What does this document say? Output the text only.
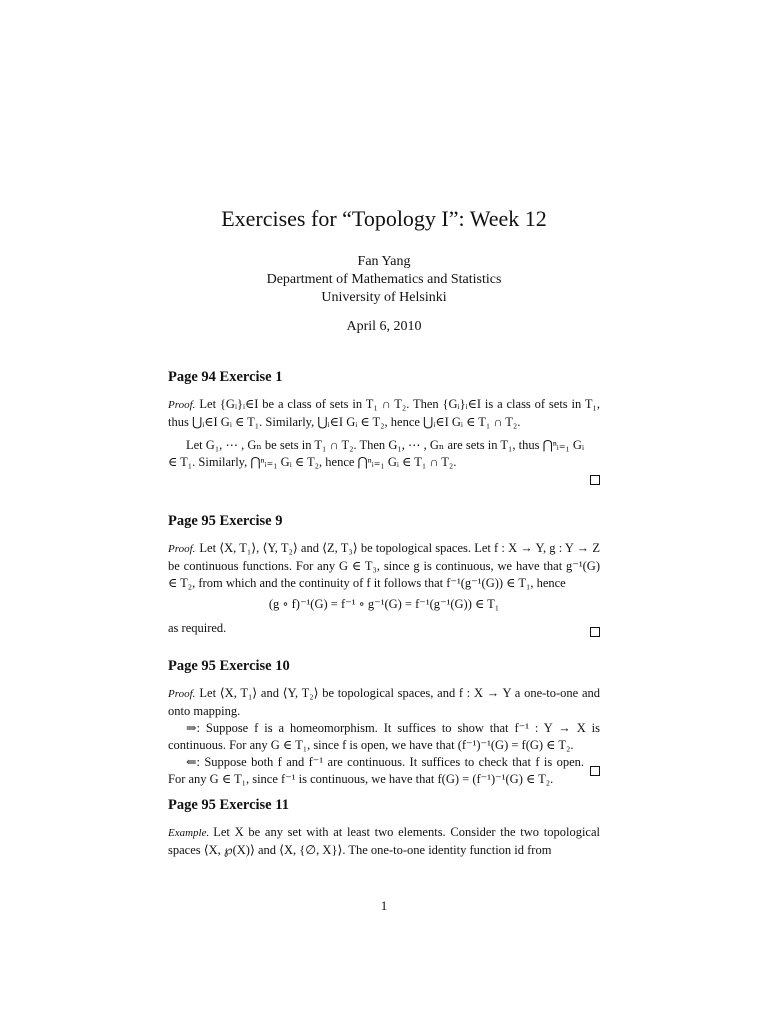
Exercises for “Topology I”: Week 12
Fan Yang
Department of Mathematics and Statistics
University of Helsinki
April 6, 2010
Page 94 Exercise 1

Proof. Let {Gᵢ}ᵢ∈I be a class of sets in T₁ ∩ T₂. Then {Gᵢ}ᵢ∈I is a class of sets in T₁, thus ⋃ᵢ∈I Gᵢ ∈ T₁. Similarly, ⋃ᵢ∈I Gᵢ ∈ T₂, hence ⋃ᵢ∈I Gᵢ ∈ T₁ ∩ T₂.

Let G₁, ⋯ , Gₙ be sets in T₁ ∩ T₂. Then G₁, ⋯ , Gₙ are sets in T₁, thus ⋂ⁿᵢ₌₁ Gᵢ ∈ T₁. Similarly, ⋂ⁿᵢ₌₁ Gᵢ ∈ T₂, hence ⋂ⁿᵢ₌₁ Gᵢ ∈ T₁ ∩ T₂.

Page 95 Exercise 9

Proof. Let ⟨X, T₁⟩, ⟨Y, T₂⟩ and ⟨Z, T₃⟩ be topological spaces. Let f : X → Y, g : Y → Z be continuous functions. For any G ∈ T₃, since g is continuous, we have that g⁻¹(G) ∈ T₂, from which and the continuity of f it follows that f⁻¹(g⁻¹(G)) ∈ T₁, hence

(g ∘ f)⁻¹(G) = f⁻¹ ∘ g⁻¹(G) = f⁻¹(g⁻¹(G)) ∈ T₁

as required.

Page 95 Exercise 10

Proof. Let ⟨X, T₁⟩ and ⟨Y, T₂⟩ be topological spaces, and f : X → Y a one-to-one and onto mapping.

⇒: Suppose f is a homeomorphism. It suffices to show that f⁻¹ : Y → X is continuous. For any G ∈ T₁, since f is open, we have that (f⁻¹)⁻¹(G) = f(G) ∈ T₂.

⇐: Suppose both f and f⁻¹ are continuous. It suffices to check that f is open. For any G ∈ T₁, since f⁻¹ is continuous, we have that f(G) = (f⁻¹)⁻¹(G) ∈ T₂.

Page 95 Exercise 11

Example. Let X be any set with at least two elements. Consider the two topological spaces ⟨X, ℘(X)⟩ and ⟨X, {∅, X}⟩. The one-to-one identity function id from

1
